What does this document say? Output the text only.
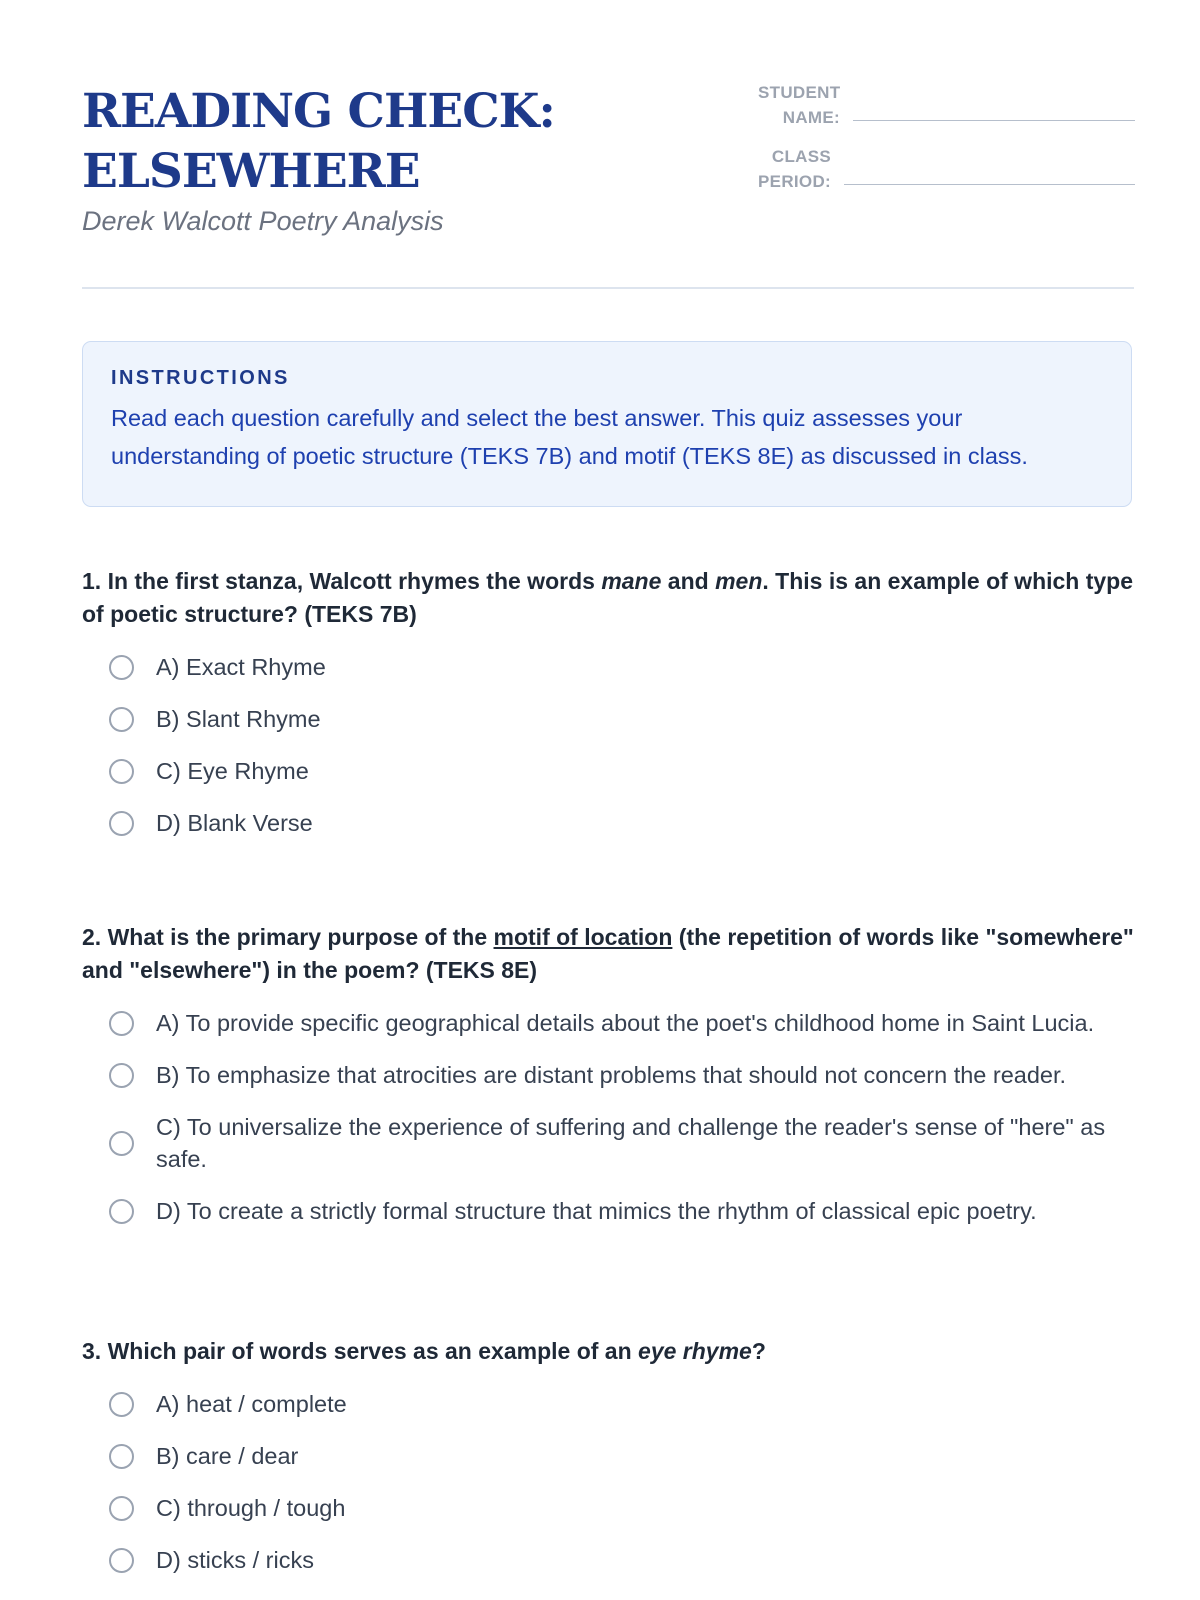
READING CHECK:
ELSEWHERE
Derek Walcott Poetry Analysis
STUDENT
NAME:
CLASS
PERIOD:
INSTRUCTIONS
Read each question carefully and select the best answer. This quiz assesses your understanding of poetic structure (TEKS 7B) and motif (TEKS 8E) as discussed in class.
1. In the first stanza, Walcott rhymes the words mane and men. This is an example of which type of poetic structure? (TEKS 7B)
A) Exact Rhyme
B) Slant Rhyme
C) Eye Rhyme
D) Blank Verse
2. What is the primary purpose of the motif of location (the repetition of words like "somewhere" and "elsewhere") in the poem? (TEKS 8E)
A) To provide specific geographical details about the poet's childhood home in Saint Lucia.
B) To emphasize that atrocities are distant problems that should not concern the reader.
C) To universalize the experience of suffering and challenge the reader's sense of "here" as safe.
D) To create a strictly formal structure that mimics the rhythm of classical epic poetry.
3. Which pair of words serves as an example of an eye rhyme?
A) heat / complete
B) care / dear
C) through / tough
D) sticks / ricks
